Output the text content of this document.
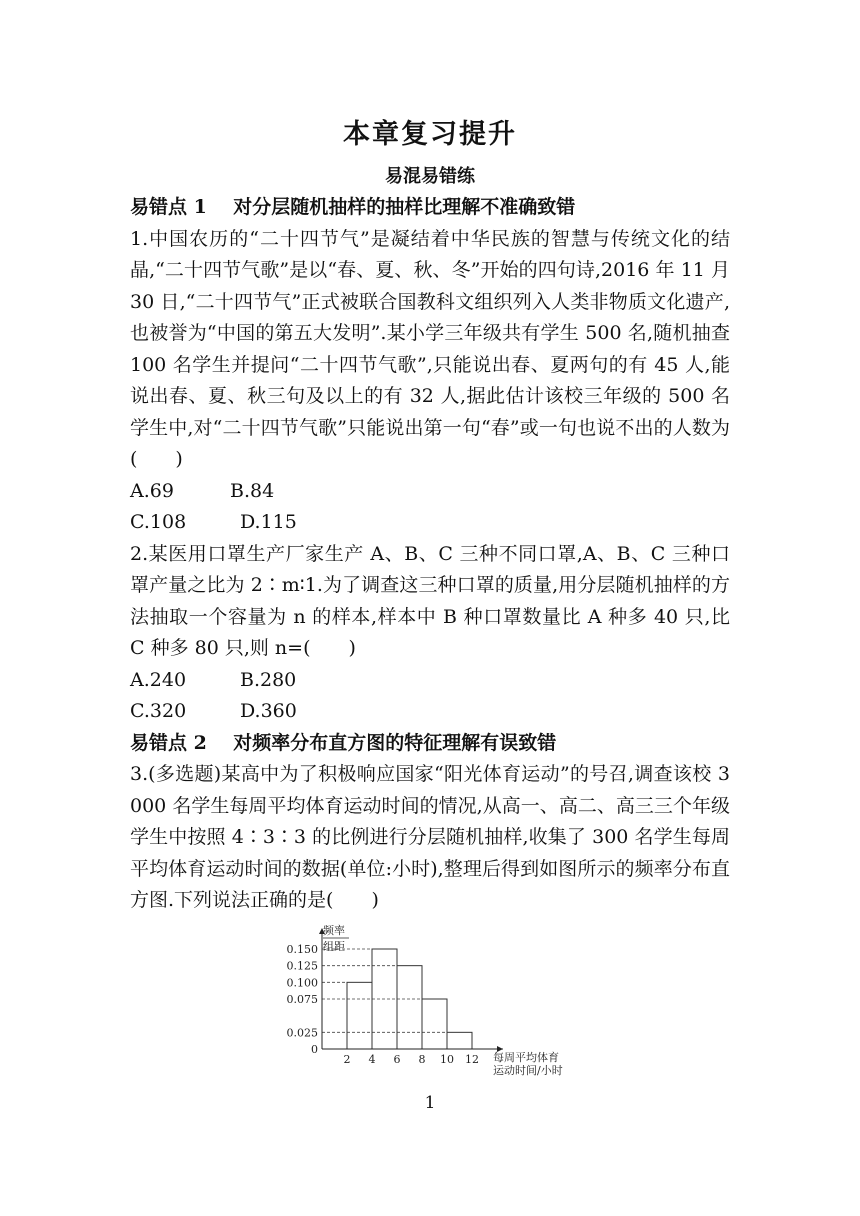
本章复习提升
易混易错练
易错点 1    对分层随机抽样的抽样比理解不准确致错
1.中国农历的“二十四节气”是凝结着中华民族的智慧与传统文化的结晶,“二十四节气歌”是以“春、夏、秋、冬”开始的四句诗,2016 年 11 月 30 日,“二十四节气”正式被联合国教科文组织列入人类非物质文化遗产,也被誉为“中国的第五大发明”.某小学三年级共有学生 500 名,随机抽查 100 名学生并提问“二十四节气歌”,只能说出春、夏两句的有 45 人,能说出春、夏、秋三句及以上的有 32 人,据此估计该校三年级的 500 名学生中,对“二十四节气歌”只能说出第一句“春”或一句也说不出的人数为(　　)
A.69	B.84
C.108	D.115
2.某医用口罩生产厂家生产 A、B、C 三种不同口罩,A、B、C 三种口罩产量之比为 2∶m∶1.为了调查这三种口罩的质量,用分层随机抽样的方法抽取一个容量为 n 的样本,样本中 B 种口罩数量比 A 种多 40 只,比 C 种多 80 只,则 n=(　　)
A.240	B.280
C.320	D.360
易错点 2    对频率分布直方图的特征理解有误致错
3.(多选题)某高中为了积极响应国家“阳光体育运动”的号召,调查该校 3 000 名学生每周平均体育运动时间的情况,从高一、高二、高三三个年级学生中按照 4∶3∶3 的比例进行分层随机抽样,收集了 300 名学生每周平均体育运动时间的数据(单位:小时),整理后得到如图所示的频率分布直方图.下列说法正确的是(　　)
0.150
0.125
0.100
0.075
0.025
0
2 4 6 8 10 12
频率
组距
每周平均体育
运动时间/小时
1
